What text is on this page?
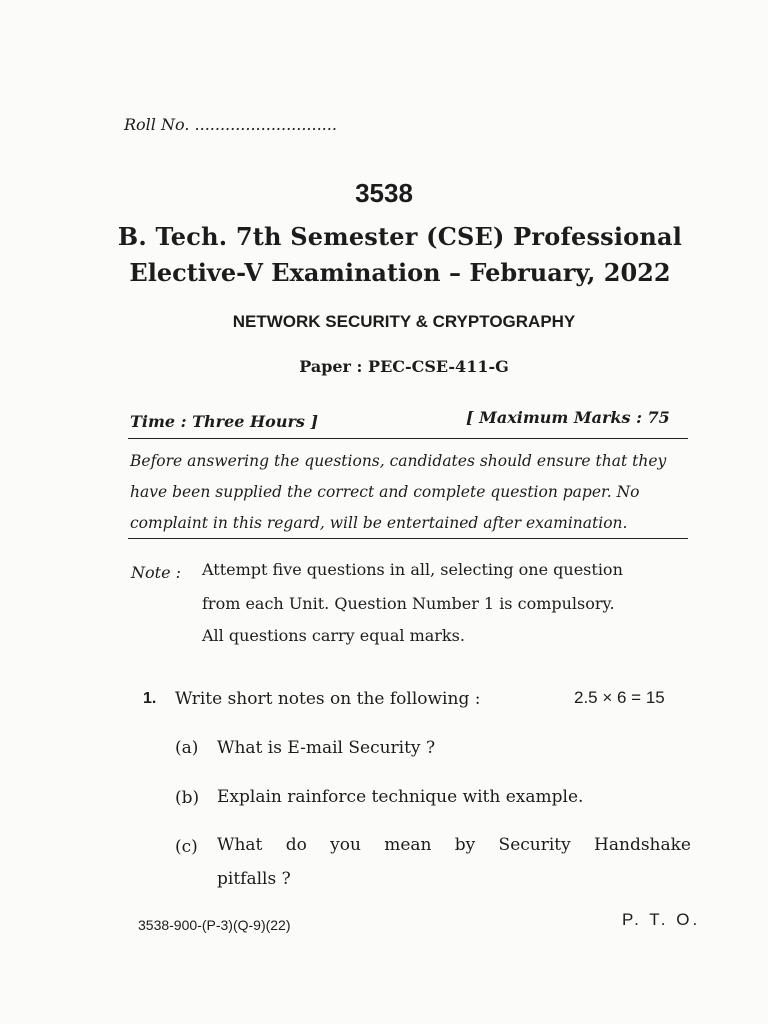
Roll No. ............................
3538
B. Tech. 7th Semester (CSE) Professional
Elective-V Examination – February, 2022
NETWORK SECURITY & CRYPTOGRAPHY
Paper : PEC-CSE-411-G
Time : Three Hours ]	[ Maximum Marks : 75
Before answering the questions, candidates should ensure that they
have been supplied the correct and complete question paper. No
complaint in this regard, will be entertained after examination.
Note : Attempt five questions in all, selecting one question
from each Unit. Question Number 1 is compulsory.
All questions carry equal marks.
1. Write short notes on the following :	2.5 × 6 = 15
(a) What is E-mail Security ?
(b) Explain rainforce technique with example.
(c) What do you mean by Security Handshake
pitfalls ?
3538-900-(P-3)(Q-9)(22)	P. T. O.
